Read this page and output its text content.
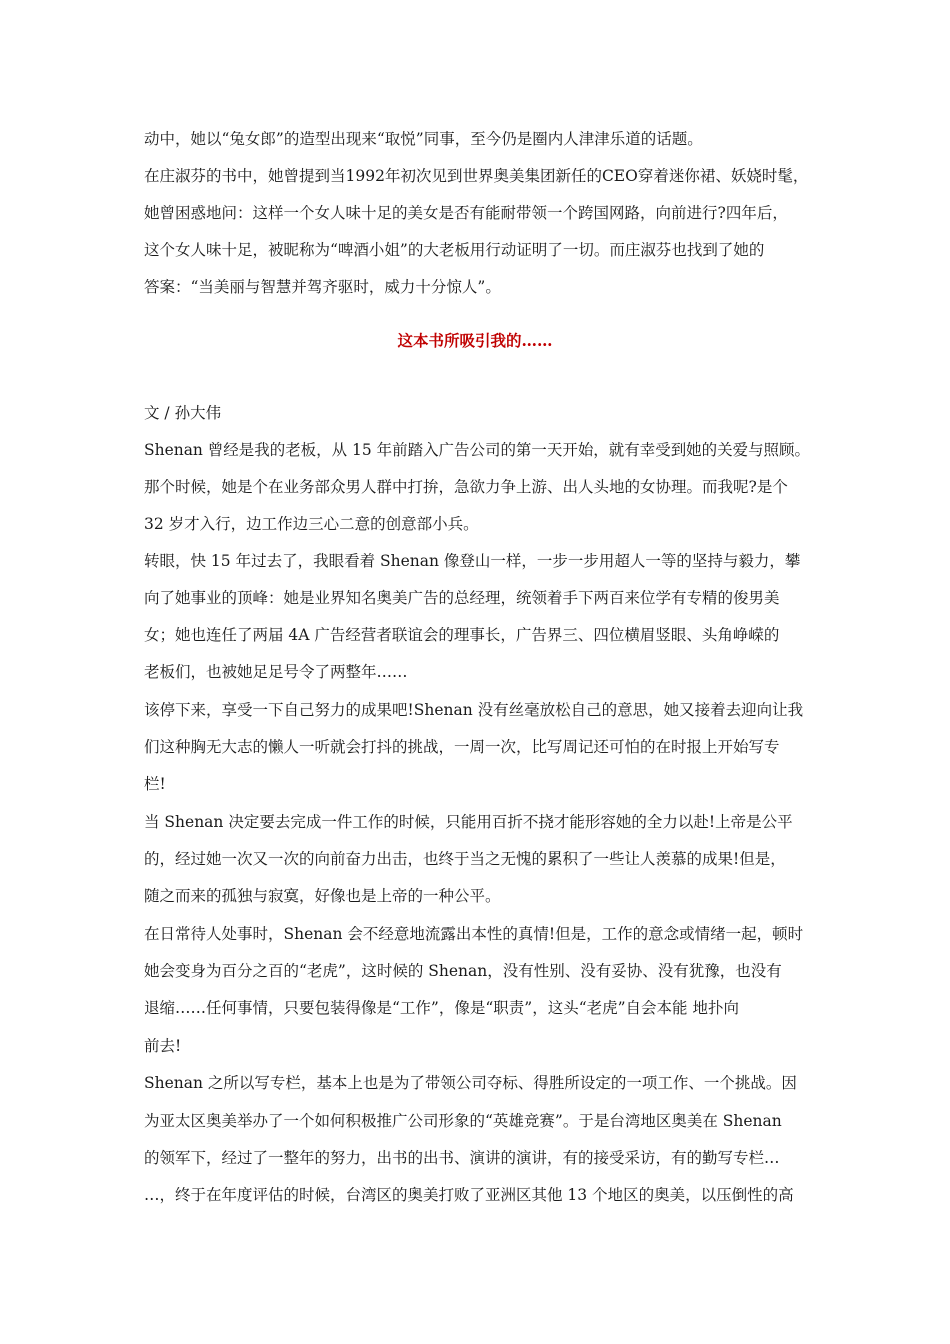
动中，她以“兔女郎”的造型出现来“取悦”同事，至今仍是圈内人津津乐道的话题。
在庄淑芬的书中，她曾提到当1992年初次见到世界奥美集团新任的CEO穿着迷你裙、妖娆时髦，
她曾困惑地问：这样一个女人味十足的美女是否有能耐带领一个跨国网路，向前进行?四年后，
这个女人味十足，被昵称为“啤酒小姐”的大老板用行动证明了一切。而庄淑芬也找到了她的
答案：“当美丽与智慧并驾齐驱时，威力十分惊人”。
这本书所吸引我的……
文 / 孙大伟
Shenan 曾经是我的老板，从 15 年前踏入广告公司的第一天开始，就有幸受到她的关爱与照顾。
那个时候，她是个在业务部众男人群中打拚，急欲力争上游、出人头地的女协理。而我呢?是个
32 岁才入行，边工作边三心二意的创意部小兵。
转眼，快 15 年过去了，我眼看着 Shenan 像登山一样，一步一步用超人一等的坚持与毅力，攀
向了她事业的顶峰：她是业界知名奥美广告的总经理，统领着手下两百来位学有专精的俊男美
女；她也连任了两届 4A 广告经营者联谊会的理事长，广告界三、四位横眉竖眼、头角峥嵘的
老板们，也被她足足号令了两整年……
该停下来，享受一下自己努力的成果吧!Shenan 没有丝毫放松自己的意思，她又接着去迎向让我
们这种胸无大志的懒人一听就会打抖的挑战，一周一次，比写周记还可怕的在时报上开始写专
栏!
当 Shenan 决定要去完成一件工作的时候，只能用百折不挠才能形容她的全力以赴!上帝是公平
的，经过她一次又一次的向前奋力出击，也终于当之无愧的累积了一些让人羡慕的成果!但是，
随之而来的孤独与寂寞，好像也是上帝的一种公平。
在日常待人处事时，Shenan 会不经意地流露出本性的真情!但是，工作的意念或情绪一起，顿时
她会变身为百分之百的“老虎”，这时候的 Shenan，没有性别、没有妥协、没有犹豫，也没有
退缩……任何事情，只要包装得像是“工作”，像是“职责”，这头“老虎”自会本能 地扑向
前去!
Shenan 之所以写专栏，基本上也是为了带领公司夺标、得胜所设定的一项工作、一个挑战。因
为亚太区奥美举办了一个如何积极推广公司形象的“英雄竞赛”。于是台湾地区奥美在 Shenan
的领军下，经过了一整年的努力，出书的出书、演讲的演讲，有的接受采访，有的勤写专栏…
…，终于在年度评估的时候，台湾区的奥美打败了亚洲区其他 13 个地区的奥美，以压倒性的高
